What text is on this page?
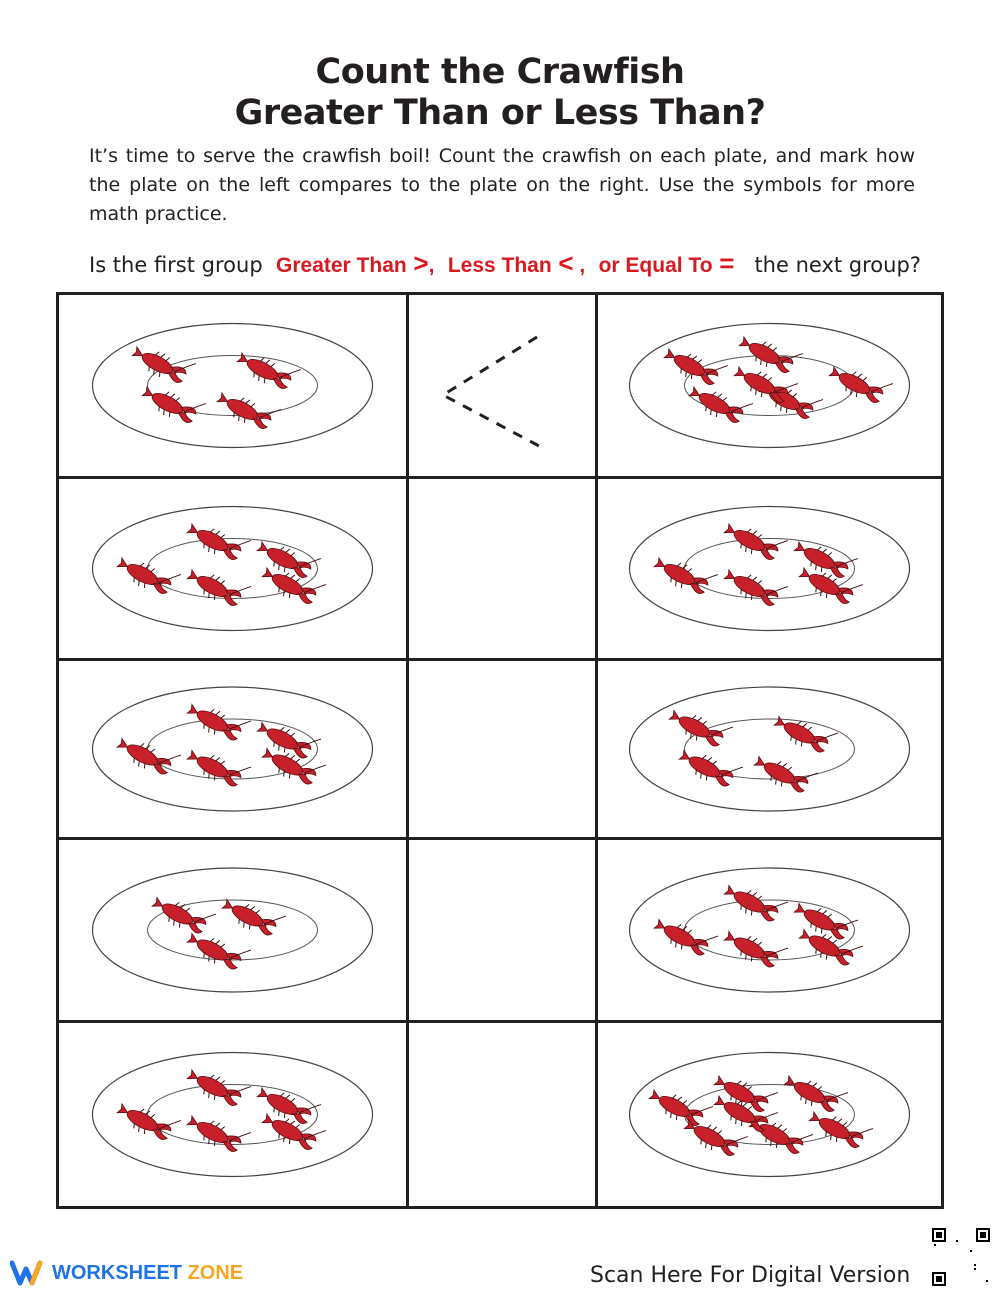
Count the Crawfish
Greater Than or Less Than?
It’s time to serve the crawfish boil! Count the crawfish on each plate, and mark how the plate on the left compares to the plate on the right. Use the symbols for more math practice.
Is the first group Greater Than >, Less Than < , or Equal To = the next group?
WORKSHEET ZONE	Scan Here For Digital Version
